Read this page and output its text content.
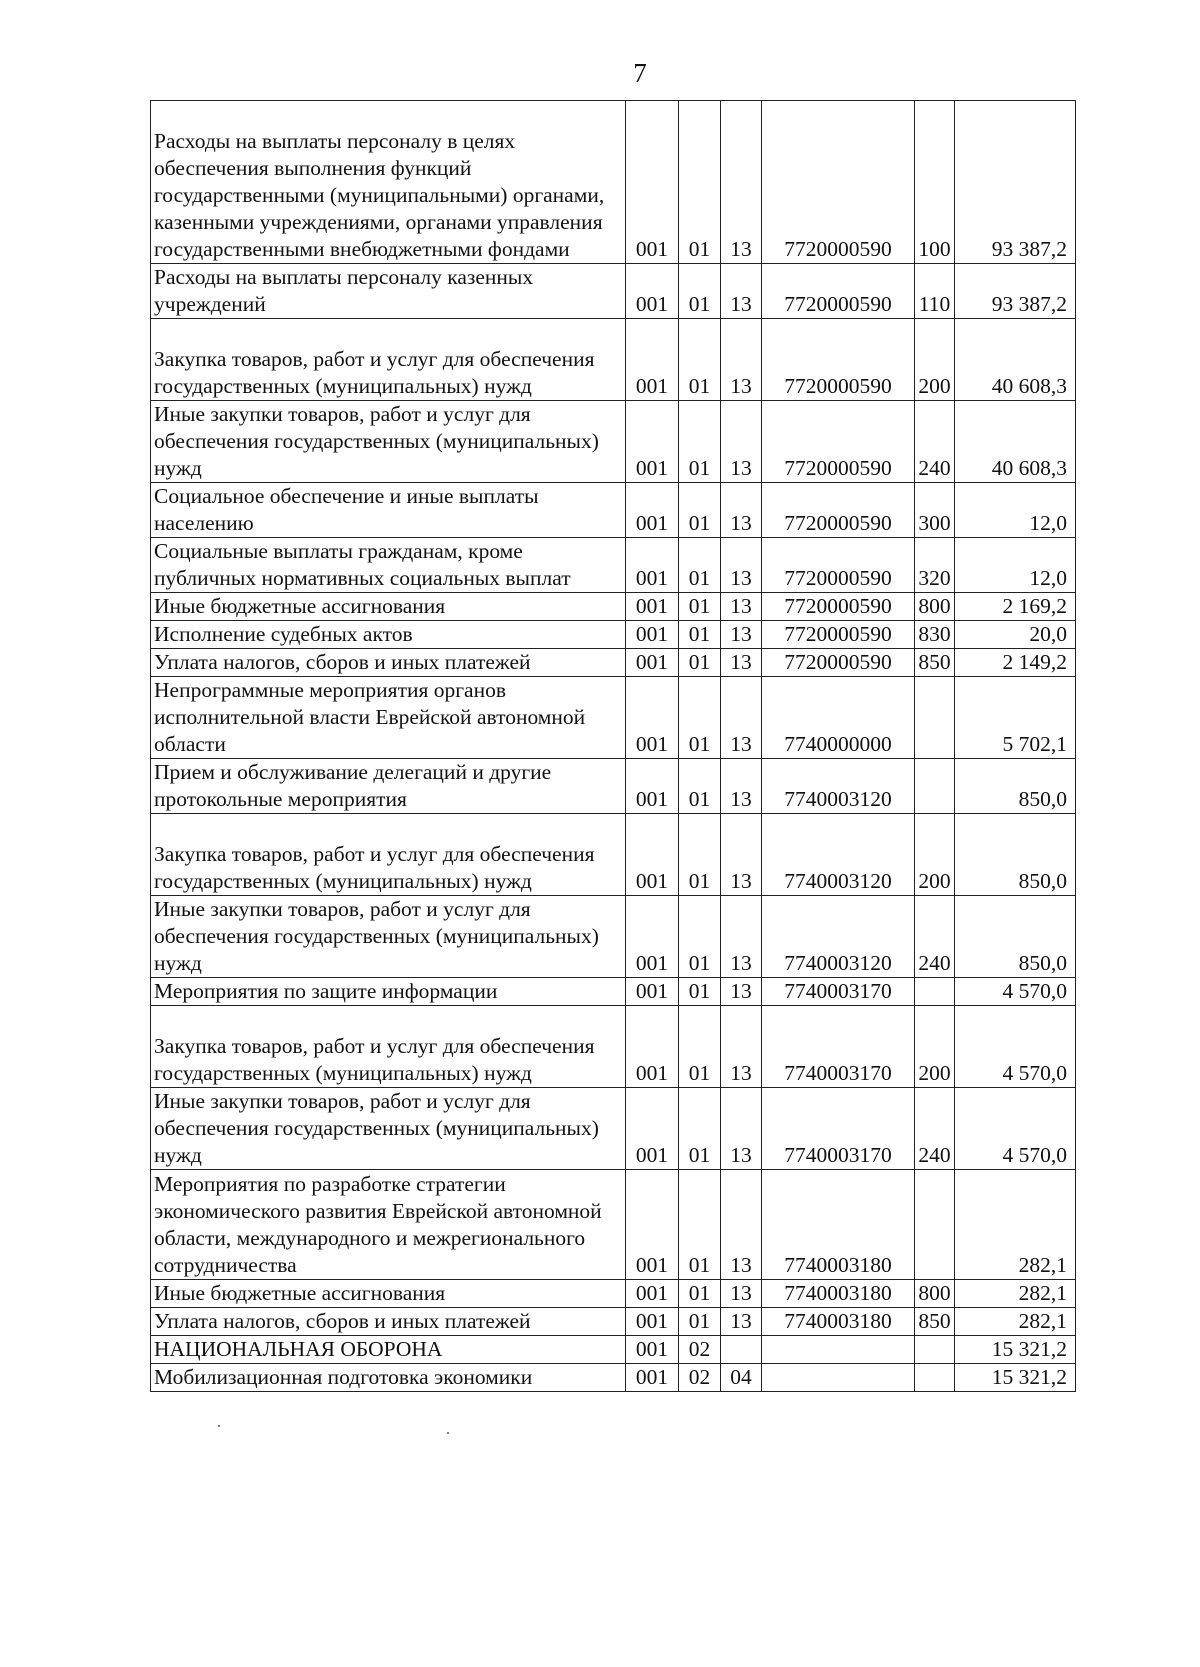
7
Расходы на выплаты персоналу в целях обеспечения выполнения функций государственными (муниципальными) органами, казенными учреждениями, органами управления государственными внебюджетными фондами	001	01	13	7720000590	100	93 387,2
Расходы на выплаты персоналу казенных учреждений	001	01	13	7720000590	110	93 387,2
Закупка товаров, работ и услуг для обеспечения государственных (муниципальных) нужд	001	01	13	7720000590	200	40 608,3
Иные закупки товаров, работ и услуг для обеспечения государственных (муниципальных) нужд	001	01	13	7720000590	240	40 608,3
Социальное обеспечение и иные выплаты населению	001	01	13	7720000590	300	12,0
Социальные выплаты гражданам, кроме публичных нормативных социальных выплат	001	01	13	7720000590	320	12,0
Иные бюджетные ассигнования	001	01	13	7720000590	800	2 169,2
Исполнение судебных актов	001	01	13	7720000590	830	20,0
Уплата налогов, сборов и иных платежей	001	01	13	7720000590	850	2 149,2
Непрограммные мероприятия органов исполнительной власти Еврейской автономной области	001	01	13	7740000000		5 702,1
Прием и обслуживание делегаций и другие протокольные мероприятия	001	01	13	7740003120		850,0
Закупка товаров, работ и услуг для обеспечения государственных (муниципальных) нужд	001	01	13	7740003120	200	850,0
Иные закупки товаров, работ и услуг для обеспечения государственных (муниципальных) нужд	001	01	13	7740003120	240	850,0
Мероприятия по защите информации	001	01	13	7740003170		4 570,0
Закупка товаров, работ и услуг для обеспечения государственных (муниципальных) нужд	001	01	13	7740003170	200	4 570,0
Иные закупки товаров, работ и услуг для обеспечения государственных (муниципальных) нужд	001	01	13	7740003170	240	4 570,0
Мероприятия по разработке стратегии экономического развития Еврейской автономной области, международного и межрегионального сотрудничества	001	01	13	7740003180		282,1
Иные бюджетные ассигнования	001	01	13	7740003180	800	282,1
Уплата налогов, сборов и иных платежей	001	01	13	7740003180	850	282,1
НАЦИОНАЛЬНАЯ ОБОРОНА	001	02				15 321,2
Мобилизационная подготовка экономики	001	02	04			15 321,2
